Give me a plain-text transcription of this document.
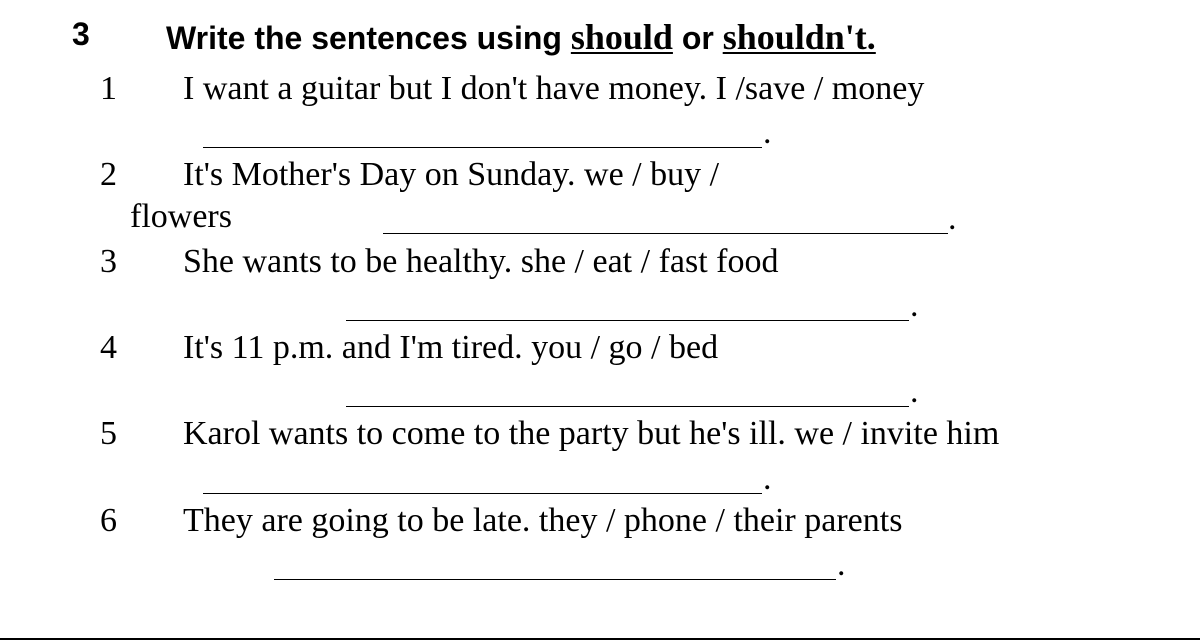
3 Write the sentences using should or shouldn't.
1 I want a guitar but I don't have money. I /save / money
.
2 It's Mother's Day on Sunday. we / buy /
flowers	.
3 She wants to be healthy. she / eat / fast food
.
4 It's 11 p.m. and I'm tired. you / go / bed
.
5 Karol wants to come to the party but he's ill. we / invite him
.
6 They are going to be late. they / phone / their parents
.
